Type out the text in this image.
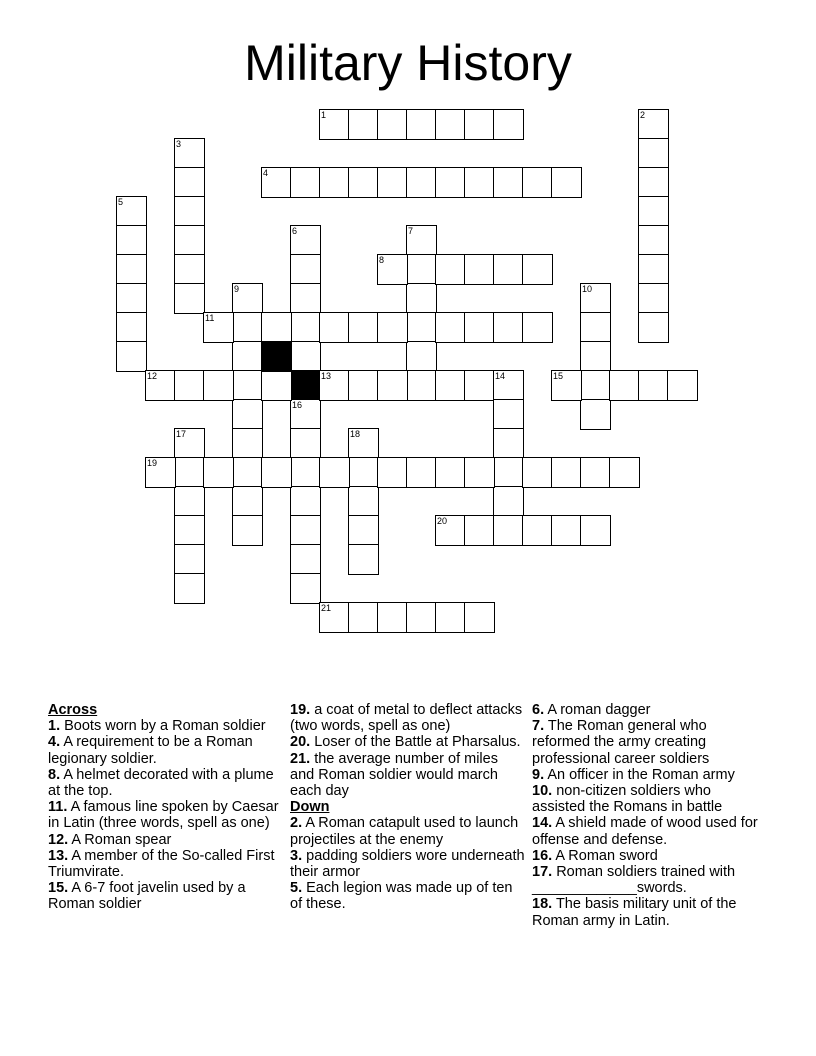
Military History
1	2
3
4
5
6
16
7
8
9	10
11
12	13	14	15
17	18
19
20
21
Across

1. Boots worn by a Roman soldier

4. A requirement to be a Roman legionary soldier.

8. A helmet decorated with a plume at the top.

11. A famous line spoken by Caesar in Latin (three words, spell as one)

12. A Roman spear

13. A member of the So-called First Triumvirate.

15. A 6-7 foot javelin used by a Roman soldier

19. a coat of metal to deflect attacks (two words, spell as one)

20. Loser of the Battle at Pharsalus.

21. the average number of miles and Roman soldier would march each day

Down

2. A Roman catapult used to launch projectiles at the enemy

3. padding soldiers wore underneath their armor

5. Each legion was made up of ten of these.

6. A roman dagger

7. The Roman general who reformed the army creating professional career soldiers

9. An officer in the Roman army

10. non-citizen soldiers who assisted the Romans in battle

14. A shield made of wood used for offense and defense.

16. A Roman sword

17. Roman soldiers trained with _____________swords.

18. The basis military unit of the Roman army in Latin.
